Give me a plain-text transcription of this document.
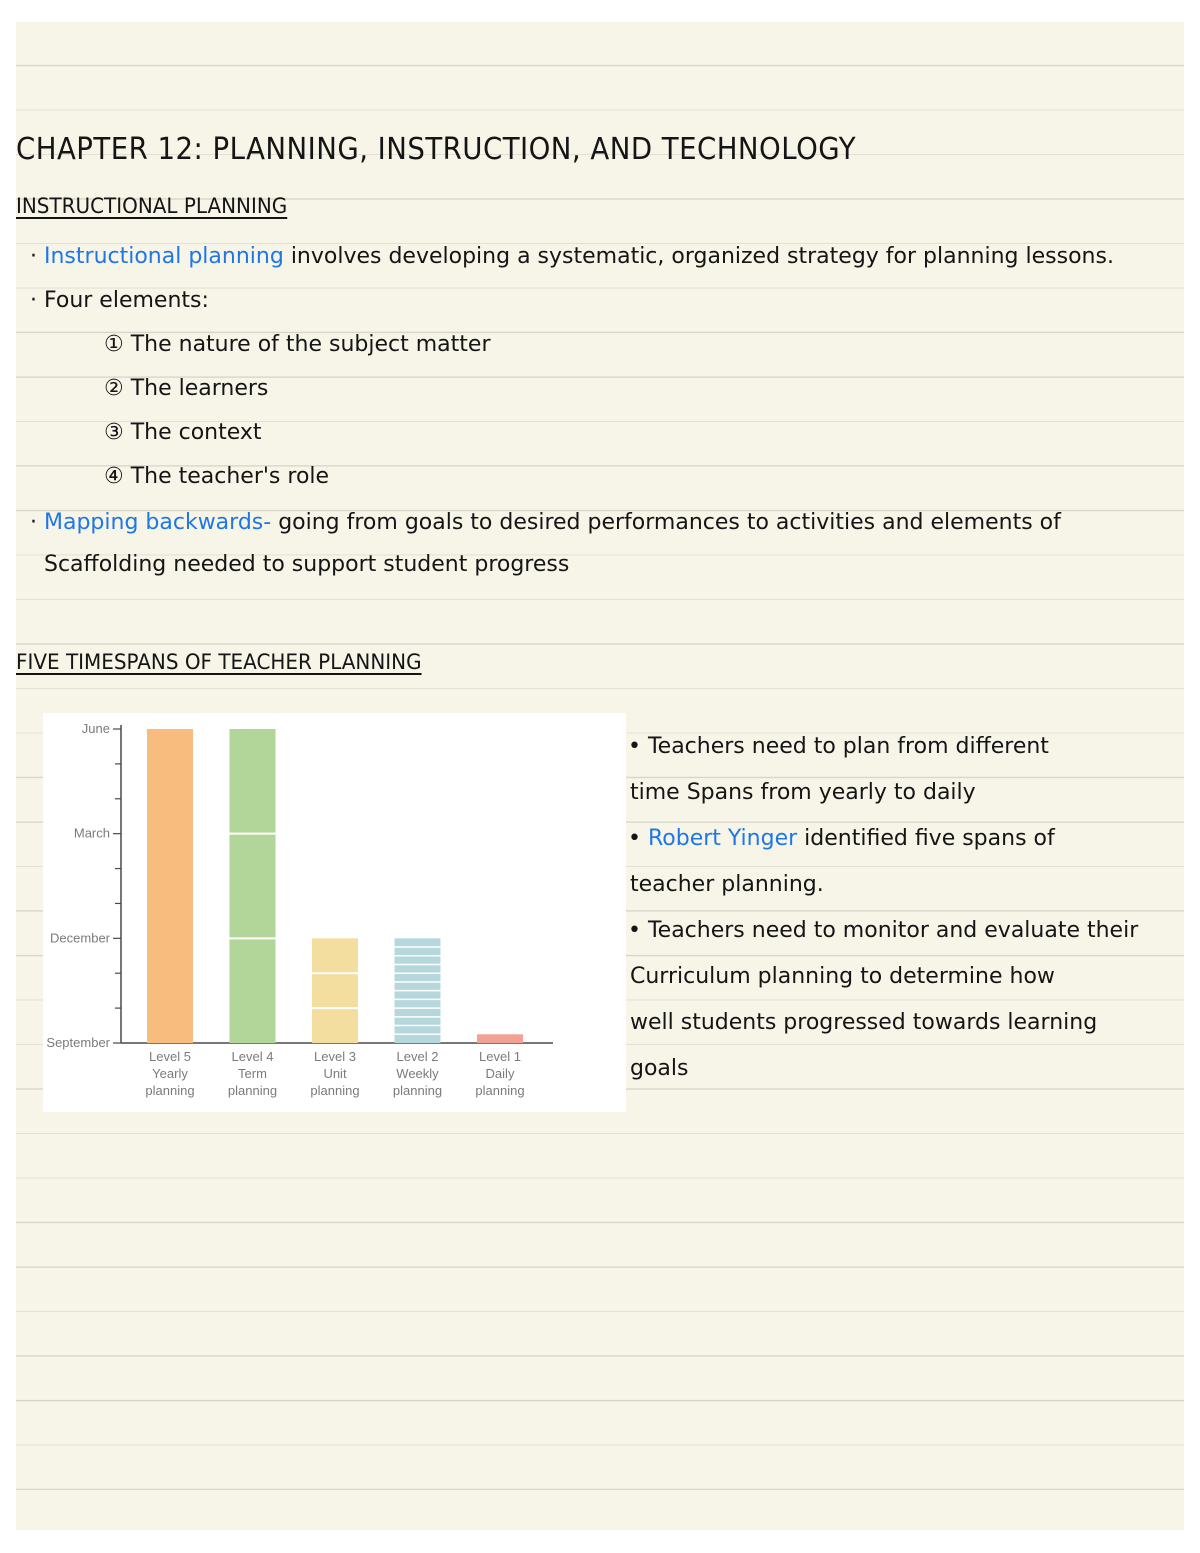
CHAPTER 12: PLANNING, INSTRUCTION, AND TECHNOLOGY
INSTRUCTIONAL PLANNING
· Instructional planning involves developing a systematic, organized strategy for planning lessons.
· Four elements:
① The nature of the subject matter
② The learners
③ The context
④ The teacher's role
· Mapping backwards- going from goals to desired performances to activities and elements of
Scaffolding needed to support student progress
FIVE TIMESPANS OF TEACHER PLANNING
September
December
March
June
Level 5
Yearly
planning
Level 4
Term
planning
Level 3
Unit
planning
Level 2
Weekly
planning
Level 1
Daily
planning
• Teachers need to plan from different
time Spans from yearly to daily
• Robert Yinger identified five spans of
teacher planning.
• Teachers need to monitor and evaluate their
Curriculum planning to determine how
well students progressed towards learning
goals
